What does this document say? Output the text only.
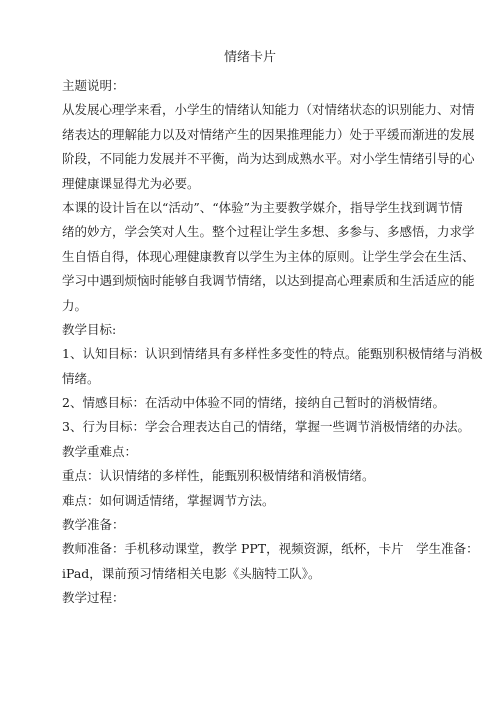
情绪卡片
主题说明：
从发展心理学来看，小学生的情绪认知能力（对情绪状态的识别能力、对情
绪表达的理解能力以及对情绪产生的因果推理能力）处于平缓而渐进的发展
阶段，不同能力发展并不平衡，尚为达到成熟水平。对小学生情绪引导的心
理健康课显得尤为必要。
本课的设计旨在以“活动”、“体验”为主要教学媒介，指导学生找到调节情
绪的妙方，学会笑对人生。整个过程让学生多想、多参与、多感悟，力求学
生自悟自得，体现心理健康教育以学生为主体的原则。让学生学会在生活、
学习中遇到烦恼时能够自我调节情绪，以达到提高心理素质和生活适应的能
力。
教学目标:
1、认知目标：认识到情绪具有多样性多变性的特点。能甄别积极情绪与消极
情绪。
2、情感目标：在活动中体验不同的情绪，接纳自己暂时的消极情绪。
3、行为目标：学会合理表达自己的情绪，掌握一些调节消极情绪的办法。
教学重难点：
重点：认识情绪的多样性，能甄别积极情绪和消极情绪。
难点：如何调适情绪，掌握调节方法。
教学准备：
教师准备：手机移动课堂，教学 PPT，视频资源，纸杯，卡片　学生准备：
iPad，课前预习情绪相关电影《头脑特工队》。
教学过程：
